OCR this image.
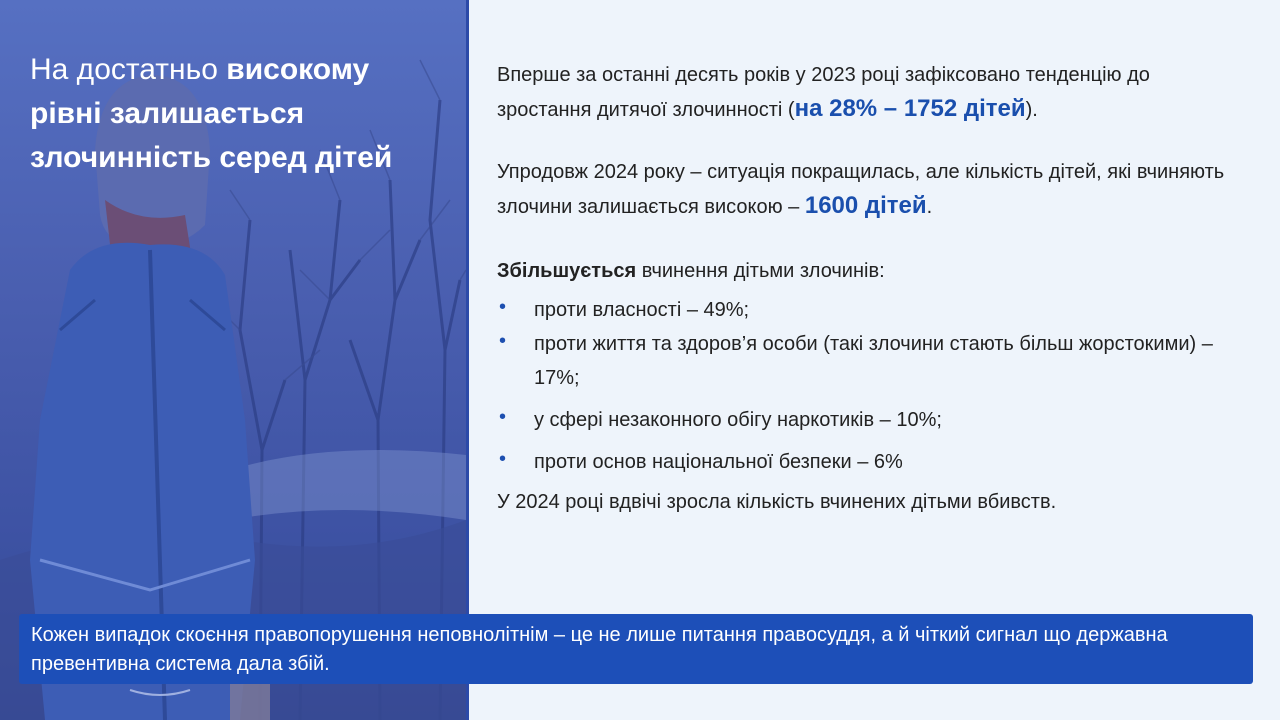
На достатньо високому рівні залишається злочинність серед дітей

Вперше за останні десять років у 2023 році зафіксовано тенденцію до зростання дитячої злочинності (на 28% – 1752 дітей).

Упродовж 2024 року – ситуація покращилась, але кількість дітей, які вчиняють злочини залишається високою – 1600 дітей.

Збільшується вчинення дітьми злочинів:

• проти власності – 49%;
• проти життя та здоров’я особи (такі злочини стають більш жорстокими) – 17%;
• у сфері незаконного обігу наркотиків – 10%;
• проти основ національної безпеки – 6%

У 2024 році вдвічі зросла кількість вчинених дітьми вбивств.

Кожен випадок скоєння правопорушення неповнолітнім – це не лише питання правосуддя, а й чіткий сигнал що державна превентивна система дала збій.
